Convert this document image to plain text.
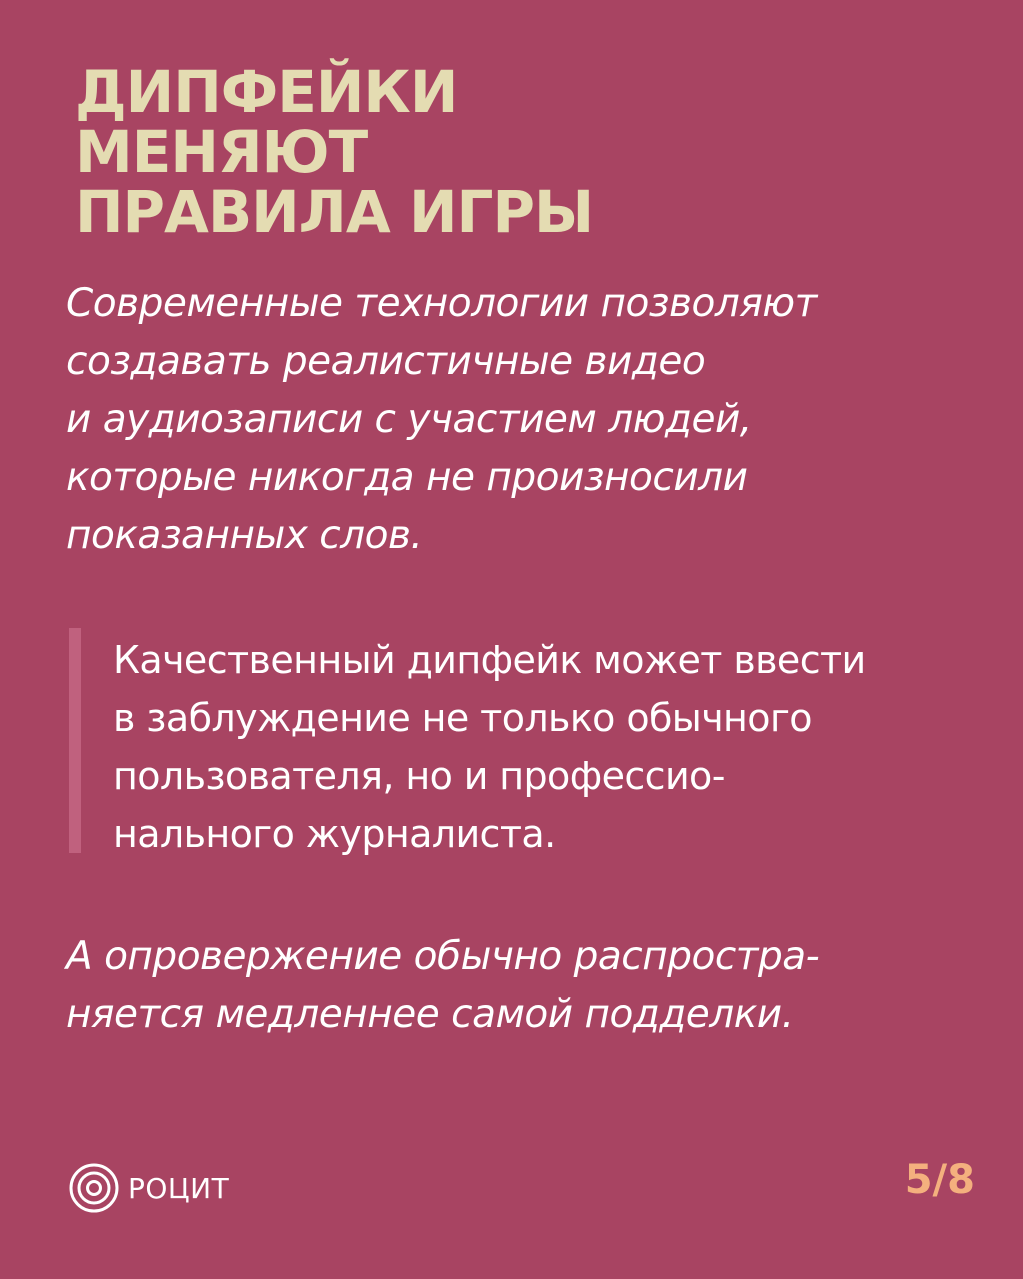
ДИПФЕЙКИ
МЕНЯЮТ
ПРАВИЛА ИГРЫ

Современные технологии позволяют
создавать реалистичные видео
и аудиозаписи с участием людей,
которые никогда не произносили
показанных слов.

Качественный дипфейк может ввести
в заблуждение не только обычного
пользователя, но и профессио-
нального журналиста.

А опровержение обычно распростра-
няется медленнее самой подделки.

РОЦИТ	5/8
